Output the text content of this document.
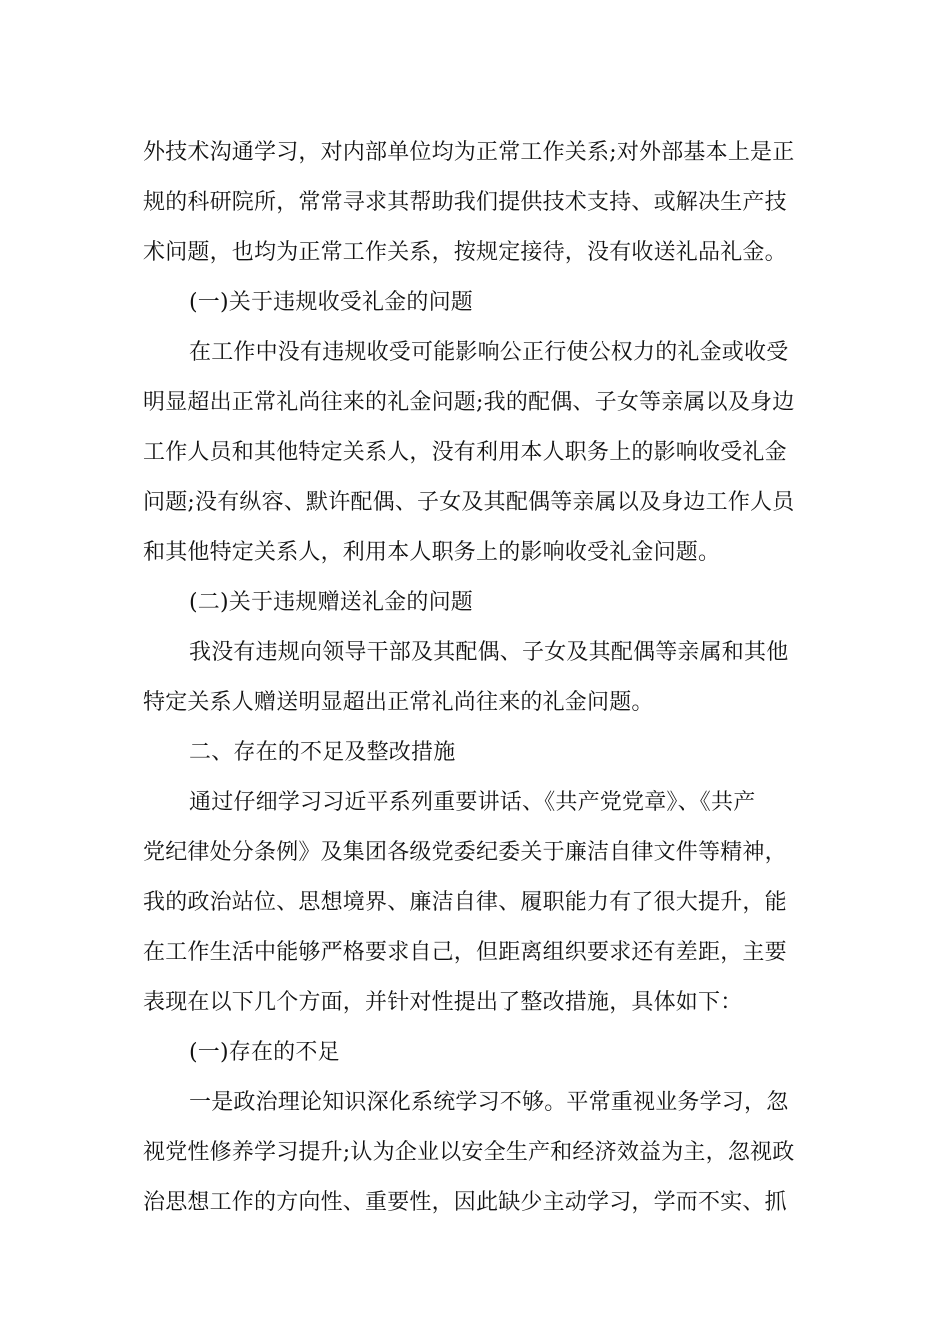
外技术沟通学习，对内部单位均为正常工作关系;对外部基本上是正
规的科研院所，常常寻求其帮助我们提供技术支持、或解决生产技
术问题，也均为正常工作关系，按规定接待，没有收送礼品礼金。
(一)关于违规收受礼金的问题
在工作中没有违规收受可能影响公正行使公权力的礼金或收受
明显超出正常礼尚往来的礼金问题;我的配偶、子女等亲属以及身边
工作人员和其他特定关系人，没有利用本人职务上的影响收受礼金
问题;没有纵容、默许配偶、子女及其配偶等亲属以及身边工作人员
和其他特定关系人，利用本人职务上的影响收受礼金问题。
(二)关于违规赠送礼金的问题
我没有违规向领导干部及其配偶、子女及其配偶等亲属和其他
特定关系人赠送明显超出正常礼尚往来的礼金问题。
二、存在的不足及整改措施
通过仔细学习习近平系列重要讲话、《共产党党章》、《共产
党纪律处分条例》及集团各级党委纪委关于廉洁自律文件等精神，
我的政治站位、思想境界、廉洁自律、履职能力有了很大提升，能
在工作生活中能够严格要求自己，但距离组织要求还有差距，主要
表现在以下几个方面，并针对性提出了整改措施，具体如下：
(一)存在的不足
一是政治理论知识深化系统学习不够。平常重视业务学习，忽
视党性修养学习提升;认为企业以安全生产和经济效益为主，忽视政
治思想工作的方向性、重要性，因此缺少主动学习，学而不实、抓
